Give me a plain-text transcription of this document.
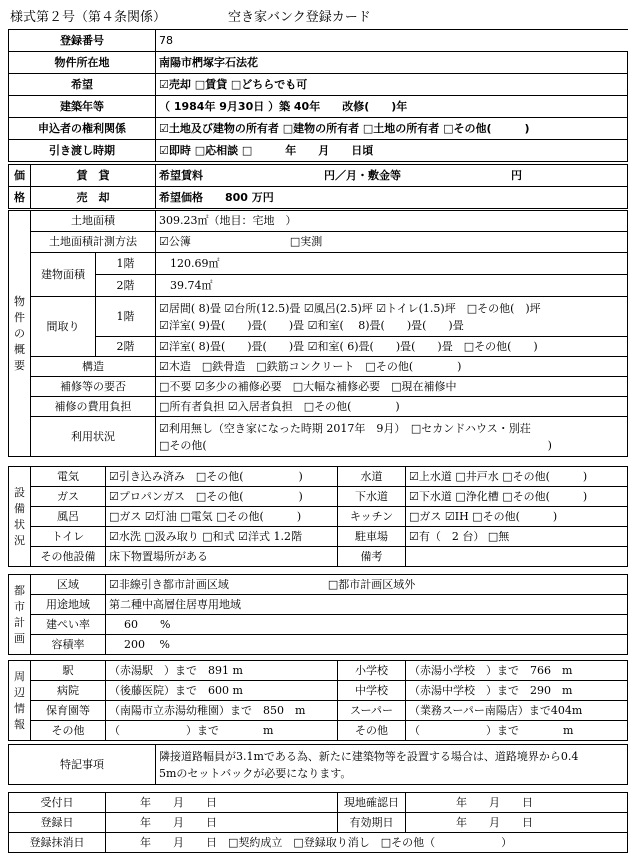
様式第２号（第４条関係）	空き家バンク登録カード
登録番号	78
物件所在地	南陽市椚塚字石法花
希望	☑売却 □賃貸 □どちらでも可
建築年等	（ 1984年 9月30日 ）築 40年　　改修(　　)年
申込者の権利関係	☑土地及び建物の所有者 □建物の所有者 □土地の所有者 □その他(　　　)
引き渡し時期	☑即時 □応相談 □　　　年　　月　　日頃
価	賃　貸	希望賃料　　　　　　　　　　　円／月・敷金等　　　　　　　　　　円
格	売　却	希望価格　　800 万円
物件の概要	土地面積		309.23㎡（地目：宅地　）
	土地面積計測方法		☑公簿　　　　　　　　　□実測
	建物面積	1階	120.69㎡
		2階	39.74㎡
	間取り	1階	☑居間( 8)畳 ☑台所(12.5)畳 ☑風呂(2.5)坪 ☑トイレ(1.5)坪　□その他(　)坪
☑洋室( 9)畳(　　)畳(　　)畳 ☑和室(　 8)畳(　　)畳(　　)畳

		2階	☑洋室( 8)畳(　　)畳(　　)畳 ☑和室( 6)畳(　　)畳(　　)畳　□その他(　　)
	構造		☑木造　□鉄骨造　□鉄筋コンクリート　□その他(　　　　)
	補修等の要否		□不要 ☑多少の補修必要　□大幅な補修必要　□現在補修中
	補修の費用負担		□所有者負担 ☑入居者負担　□その他(　　　　)
	利用状況		☑利用無し（空き家になった時期 2017年　9月）　□セカンドハウス・別荘
□その他(　　　　　　　　　　　　　　　　　　　　　　　　　　　　　　　)
設備状況	電気	☑引き込み済み　□その他(　　　　　)	水道	☑上水道 □井戸水 □その他(　　　)
	ガス	☑プロパンガス　□その他(　　　　　)	下水道	☑下水道 □浄化槽 □その他(　　　)
	風呂	□ガス ☑灯油 □電気 □その他(　　　)	キッチン	□ガス ☑IH □その他(　　　)
	トイレ	☑水洗 □汲み取り □和式 ☑洋式 1.2階	駐車場	☑有（　2 台） □無
	その他設備	床下物置場所がある	備考	
都市計画	区域	☑非線引き都市計画区域　　　　　　　　　□都市計画区域外
	用途地域	第二種中高層住居専用地域
	建ぺい率	60　　%
	容積率	200　 %
周辺情報	駅	（赤湯駅　）まで　891 m	小学校	（赤湯小学校　）まで　766　m
	病院	（後藤医院）まで　600 m	中学校	（赤湯中学校　）まで　290　m
	保育園等	（南陽市立赤湯幼稚園）まで　850　m	スーパー	（業務スーパー南陽店）まで404m
	その他	（　　　　　　）まで　　　　m	その他	（　　　　　　）まで　　　　m
特記事項	
隣接道路幅員が3.1mである為、新たに建築物等を設置する場合は、道路境界から0.4
5mのセットバックが必要になります。
受付日	年　　月　　日	現地確認日	年　　月　　日
登録日	年　　月　　日	有効期日	年　　月　　日
登録抹消日	年　　月　　日　□契約成立　□登録取り消し　□その他（　　　　　　）		
